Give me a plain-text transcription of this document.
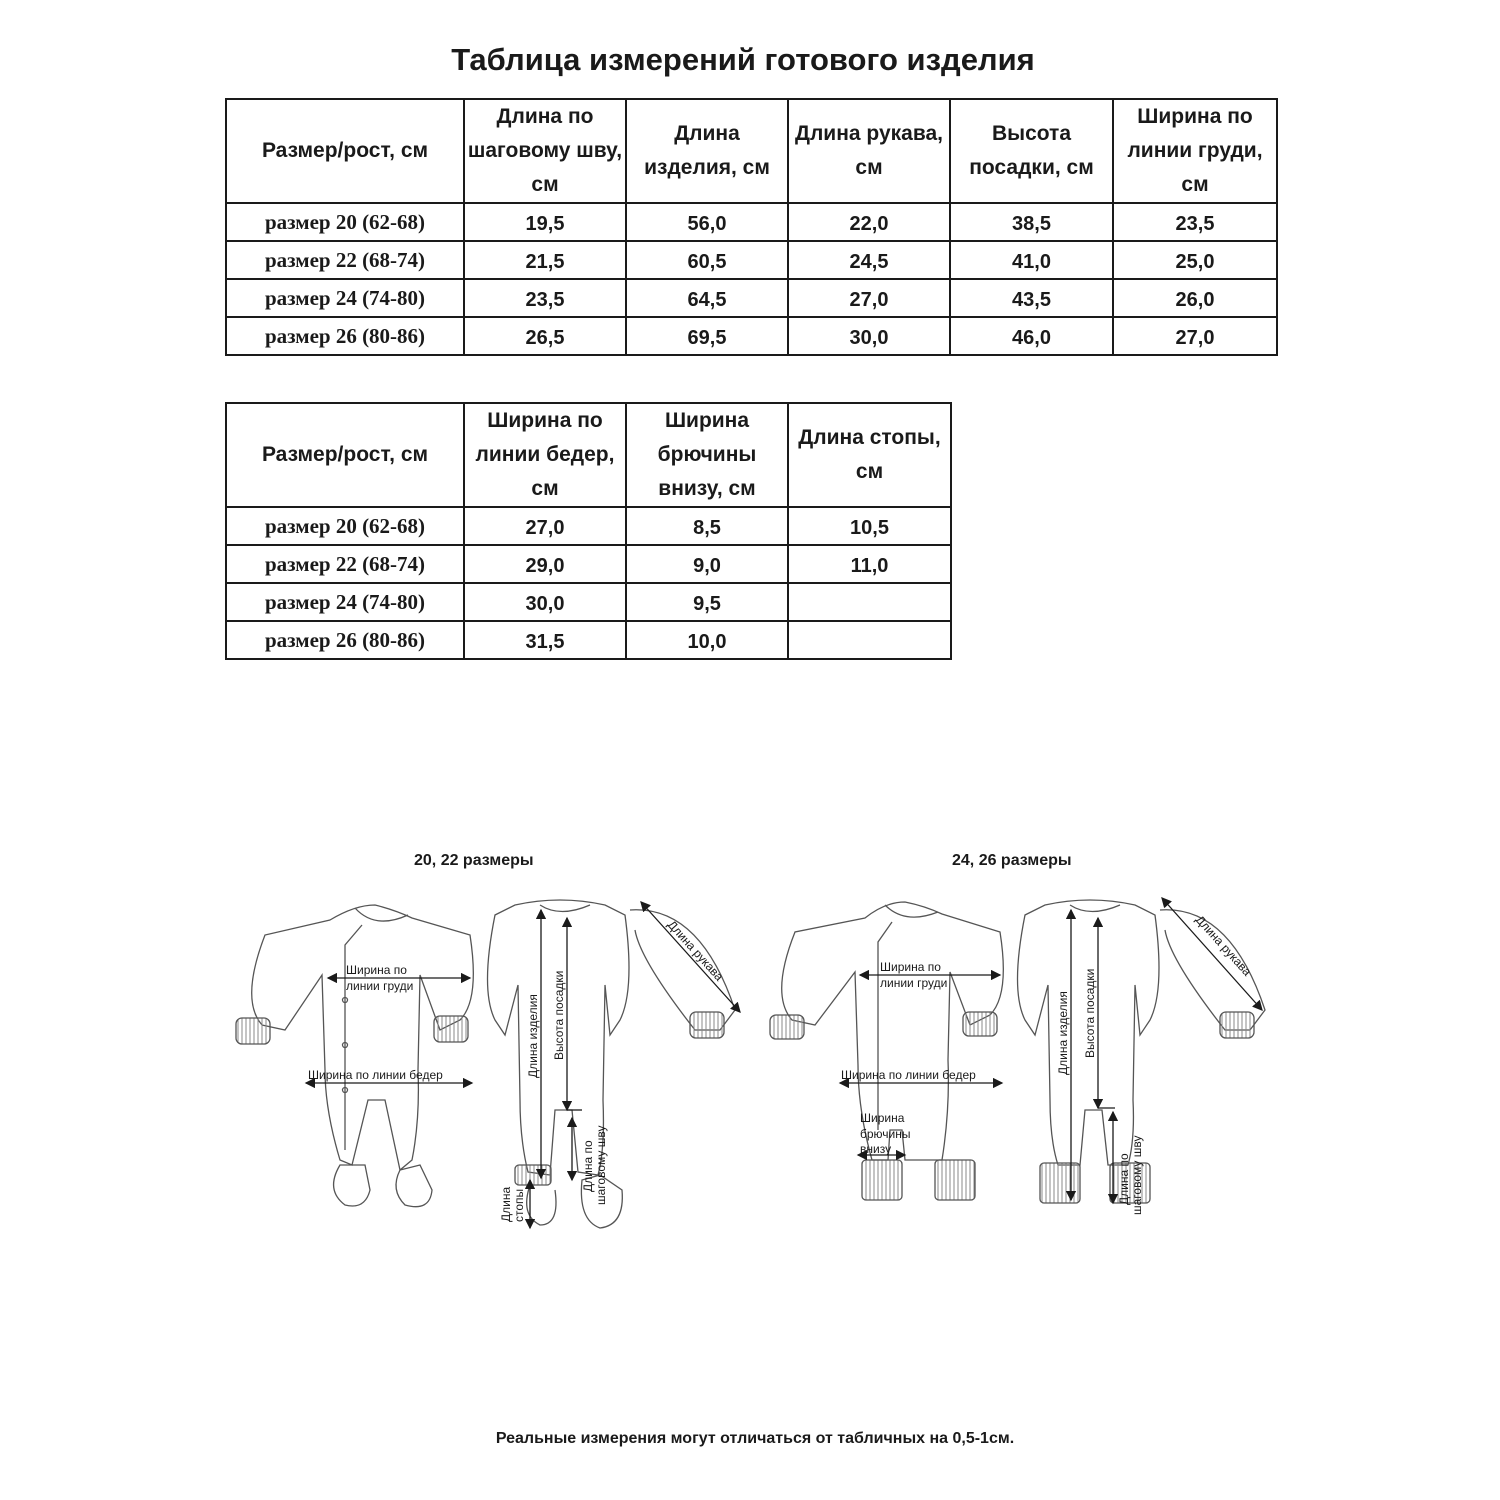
Таблица измерений готового изделия
Размер/рост, см	Длина по шаговому шву, см	Длина изделия, см	Длина рукава, см	Высота посадки, см	Ширина по линии груди, см
размер 20 (62-68)	19,5	56,0	22,0	38,5	23,5
размер 22 (68-74)	21,5	60,5	24,5	41,0	25,0
размер 24 (74-80)	23,5	64,5	27,0	43,5	26,0
размер 26 (80-86)	26,5	69,5	30,0	46,0	27,0
Размер/рост, см	Ширина по линии бедер, см	Ширина брючины внизу, см	Длина стопы, см
размер 20 (62-68)	27,0	8,5	10,5
размер 22 (68-74)	29,0	9,0	11,0
размер 24 (74-80)	30,0	9,5	
размер 26 (80-86)	31,5	10,0	
20, 22 размеры	24, 26 размеры
Ширина по
линии груди
Ширина по линии бедер	Длина изделия Высота посадки
Длина по шаговому шву
Длина стопы
Длина рукава	Ширина по
линии груди
Ширина по линии бедер
Ширина
брючины
внизу
Длина изделия Высота посадки
Длина по шаговому шву
Длина рукава
Реальные измерения могут отличаться от табличных на 0,5-1см.
